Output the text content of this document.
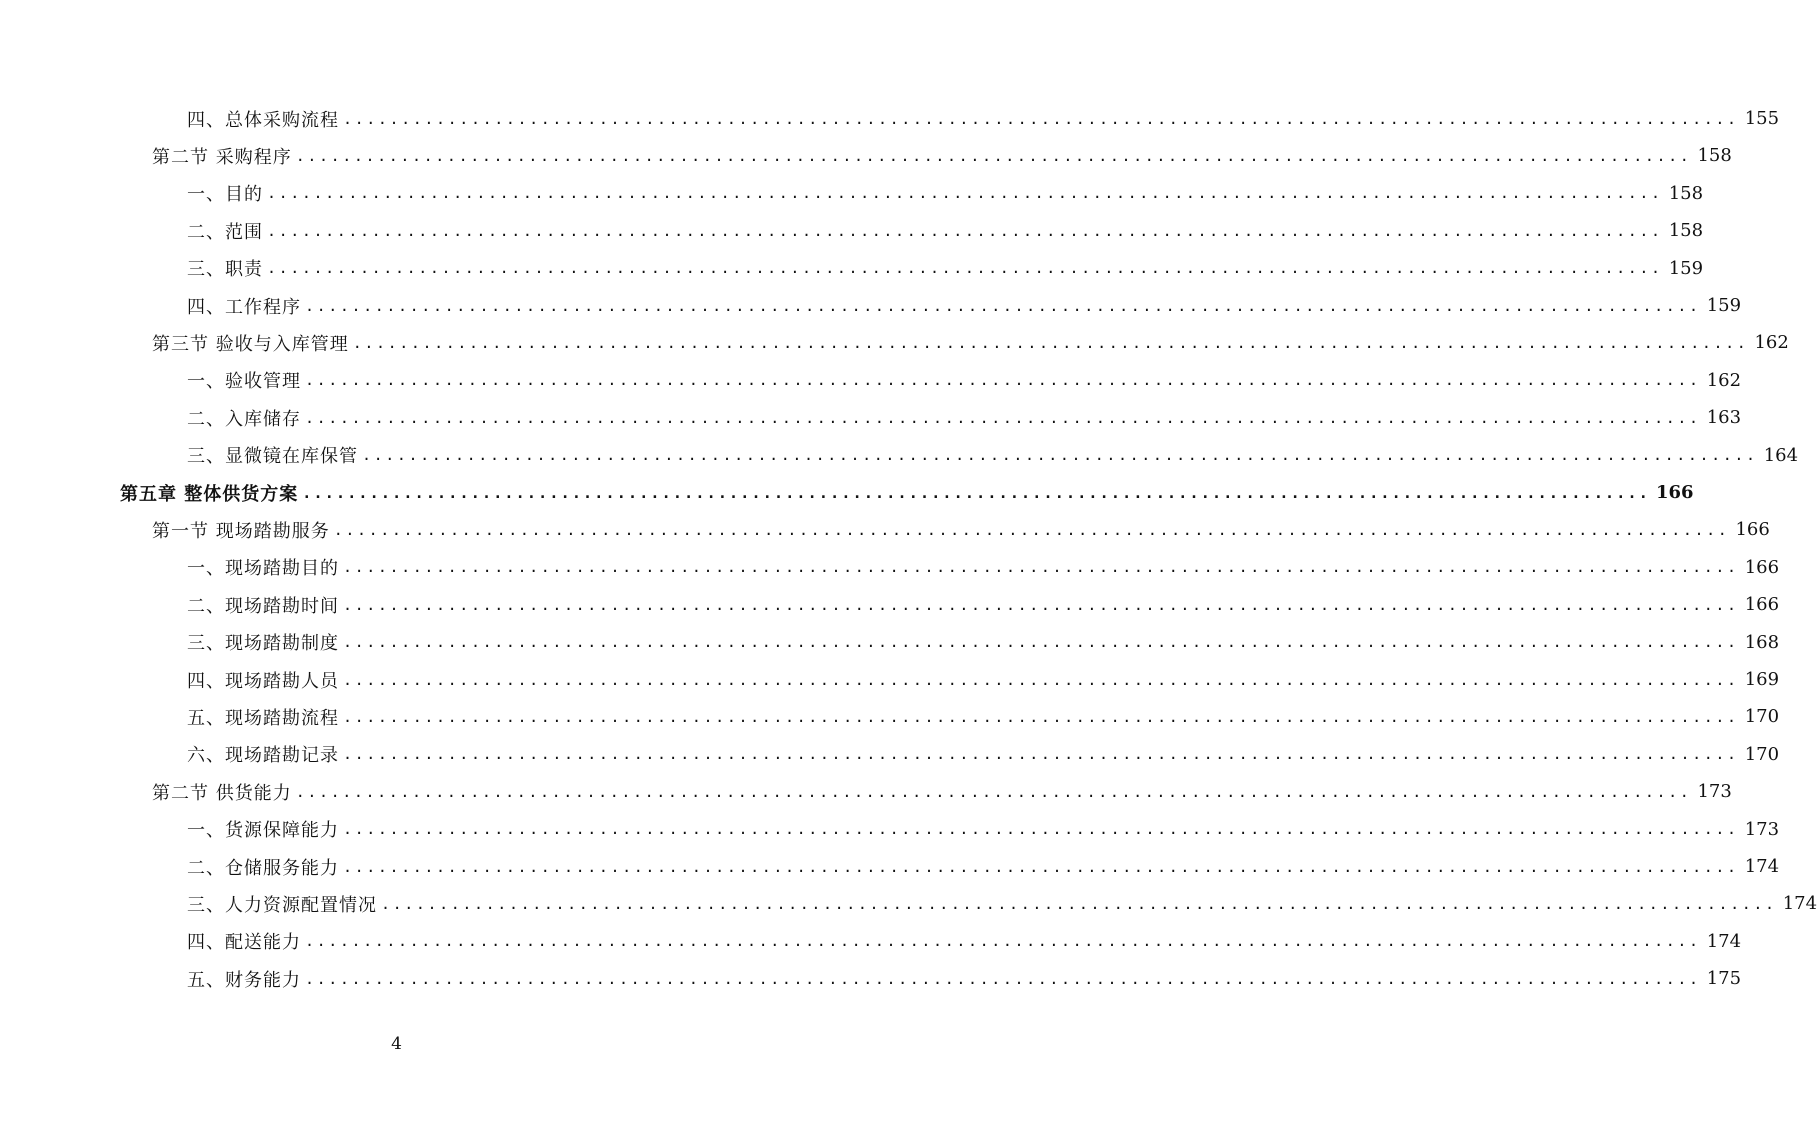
四、总体采购流程 ........................................................................................................................ 155
第二节 采购程序 ........................................................................................................................ 158
一、目的 ........................................................................................................................ 158
二、范围 ........................................................................................................................ 158
三、职责 ........................................................................................................................ 159
四、工作程序 ........................................................................................................................ 159
第三节 验收与入库管理 ........................................................................................................................ 162
一、验收管理 ........................................................................................................................ 162
二、入库储存 ........................................................................................................................ 163
三、显微镜在库保管 ........................................................................................................................ 164
第五章 整体供货方案 ........................................................................................................................ 166
第一节 现场踏勘服务 ........................................................................................................................ 166
一、现场踏勘目的 ........................................................................................................................ 166
二、现场踏勘时间 ........................................................................................................................ 166
三、现场踏勘制度 ........................................................................................................................ 168
四、现场踏勘人员 ........................................................................................................................ 169
五、现场踏勘流程 ........................................................................................................................ 170
六、现场踏勘记录 ........................................................................................................................ 170
第二节 供货能力 ........................................................................................................................ 173
一、货源保障能力 ........................................................................................................................ 173
二、仓储服务能力 ........................................................................................................................ 174
三、人力资源配置情况 ........................................................................................................................ 174
四、配送能力 ........................................................................................................................ 174
五、财务能力 ........................................................................................................................ 175
4
